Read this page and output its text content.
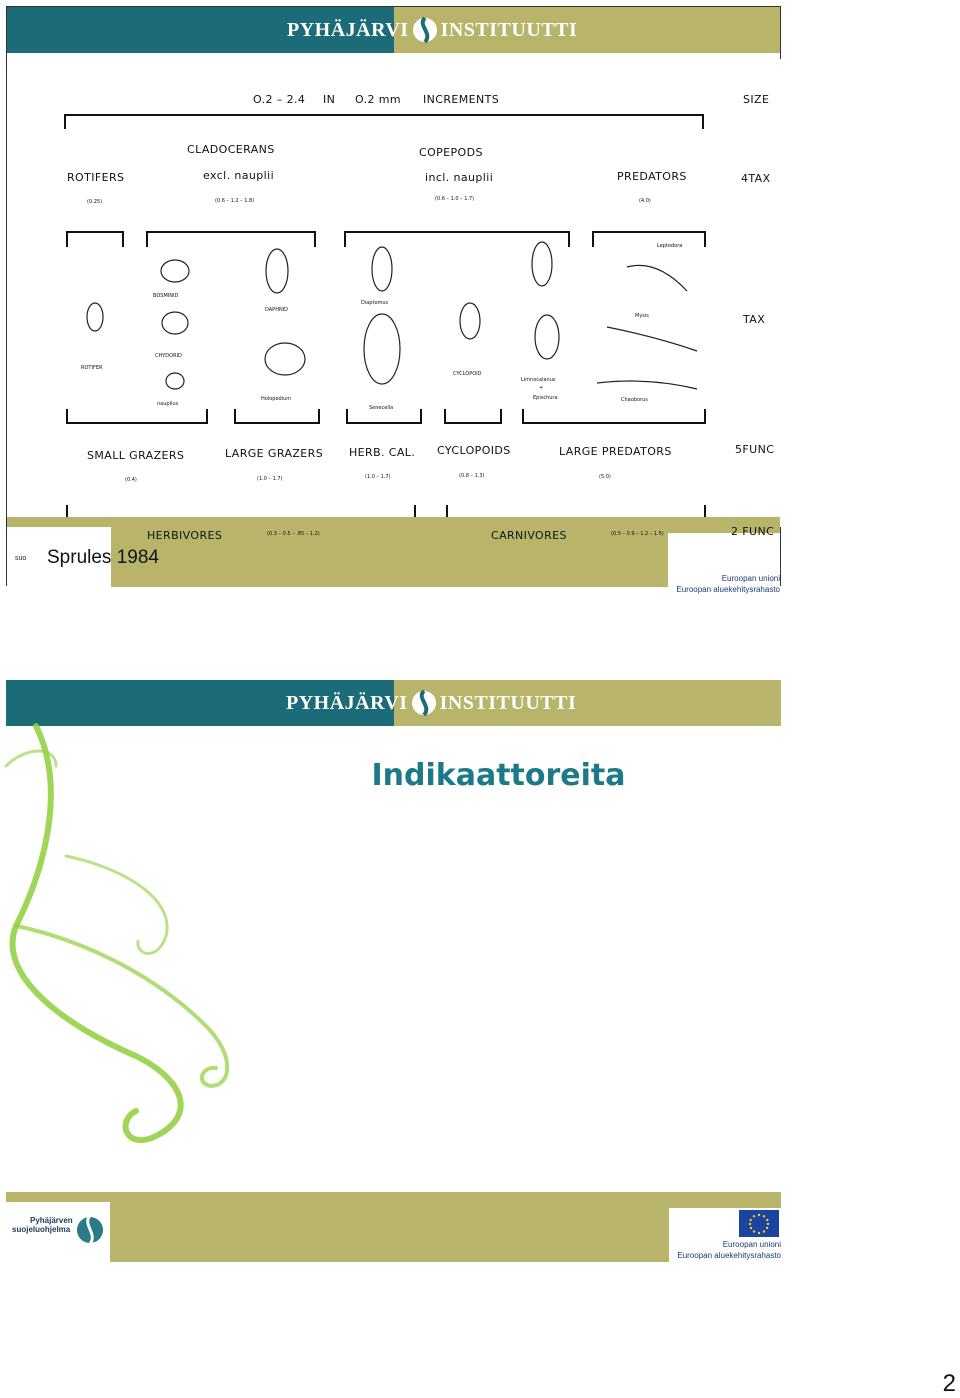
PYHÄJÄRVI INSTITUUTTI
O.2 – 2.4 IN O.2 mm INCREMENTS	SIZE
ROTIFERS
CLADOCERANS
excl. nauplii
COPEPODS
incl. nauplii	PREDATORS	4TAX
(0.25)	(0.6 – 1.2 – 1.8)	(0.6 – 1.0 – 1.7)	(4.0)
ROTIFER
BOSMINID
CHYDORID
nauplius
DAPHNID
Holopedium
Diaptomus
Senecella
CYCLOPOID
Limnocalanus
+
Epischura
Leptodora
Mysis
Chaoborus
TAX
SMALL GRAZERS	LARGE GRAZERS HERB. CAL. CYCLOPOIDS	LARGE PREDATORS	5FUNC
(0.4)	(1.0 – 1.7)	(1.0 – 1.7)	(0.8 – 1.3)	(5.0)
Euroopan unioni
Euroopan aluekehitysrahasto
HERBIVORES	(0.3 – 0.5 – .85 – 1.2)	CARNIVORES	(0.5 – 0.9 – 1.2 – 1.5)	2 FUNC
suo Sprules 1984
PYHÄJÄRVI INSTITUUTTI
Indikaattoreita
Pyhäjärven
suojeluohjelma
Euroopan unioni
Euroopan aluekehitysrahasto
2
